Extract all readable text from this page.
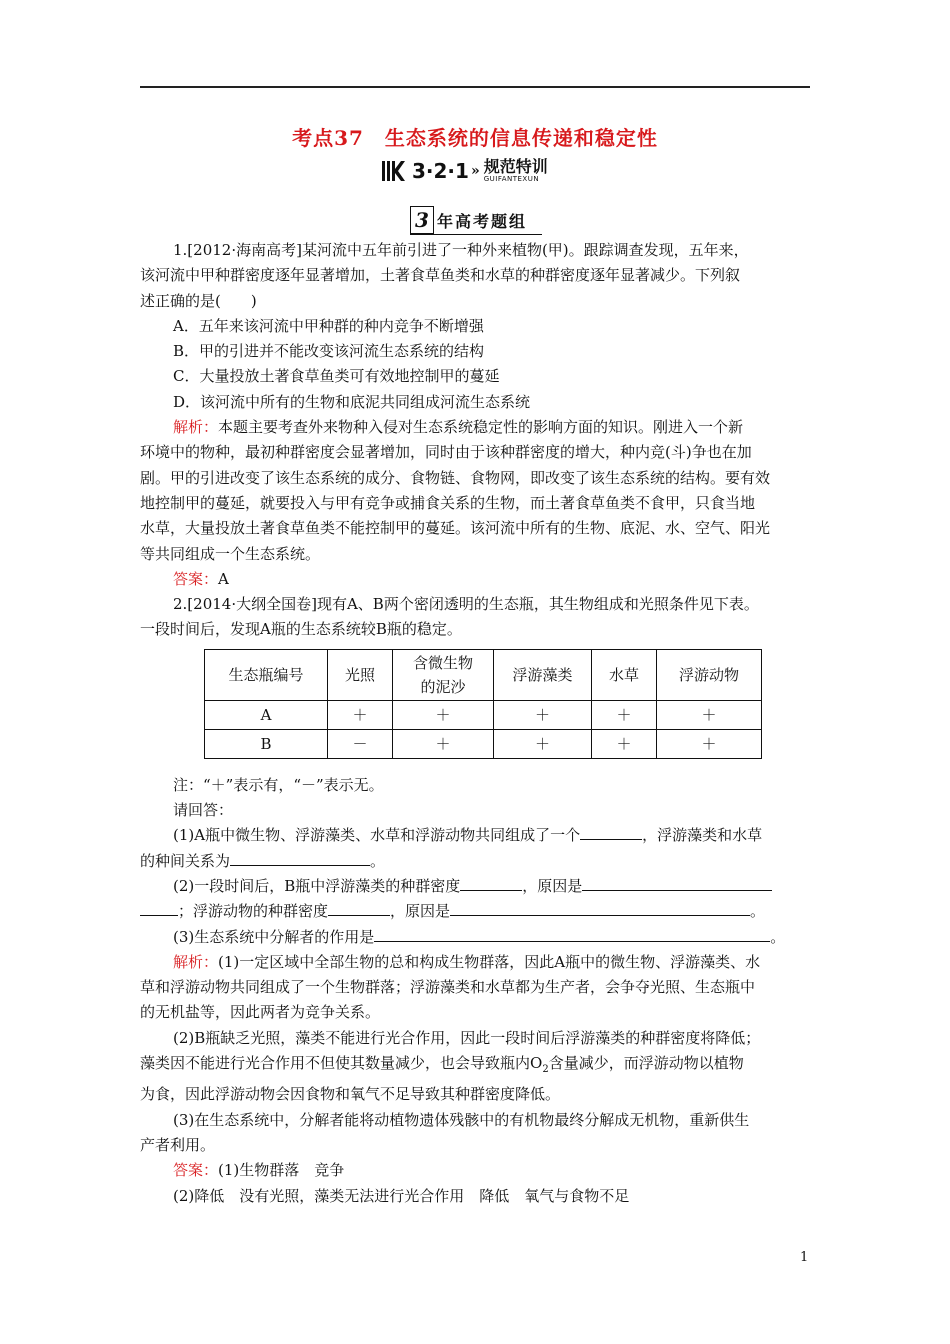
考点37　生态系统的信息传递和稳定性
3·2·1 » 规范特训
GUIFANTEXUN
3 年高考题组

1.[2012·海南高考]某河流中五年前引进了一种外来植物(甲)。跟踪调查发现，五年来，

该河流中甲种群密度逐年显著增加，土著食草鱼类和水草的种群密度逐年显著减少。下列叙

述正确的是(　　)

A．五年来该河流中甲种群的种内竞争不断增强

B．甲的引进并不能改变该河流生态系统的结构

C．大量投放土著食草鱼类可有效地控制甲的蔓延

D．该河流中所有的生物和底泥共同组成河流生态系统

解析：本题主要考查外来物种入侵对生态系统稳定性的影响方面的知识。刚进入一个新

环境中的物种，最初种群密度会显著增加，同时由于该种群密度的增大，种内竞(斗)争也在加

剧。甲的引进改变了该生态系统的成分、食物链、食物网，即改变了该生态系统的结构。要有效

地控制甲的蔓延，就要投入与甲有竞争或捕食关系的生物，而土著食草鱼类不食甲，只食当地

水草，大量投放土著食草鱼类不能控制甲的蔓延。该河流中所有的生物、底泥、水、空气、阳光

等共同组成一个生态系统。

答案：A

2.[2014·大纲全国卷]现有A、B两个密闭透明的生态瓶，其生物组成和光照条件见下表。

一段时间后，发现A瓶的生态系统较B瓶的稳定。

生态瓶编号	光照	含微生物
的泥沙	浮游藻类	水草	浮游动物
A	＋	＋	＋	＋	＋
B	－	＋	＋	＋	＋

注：“＋”表示有，“－”表示无。

请回答：

(1)A瓶中微生物、浮游藻类、水草和浮游动物共同组成了一个	，浮游藻类和水草

的种间关系为	。

(2)一段时间后，B瓶中浮游藻类的种群密度	，原因是

；浮游动物的种群密度	，原因是	。

(3)生态系统中分解者的作用是	。

解析：(1)一定区域中全部生物的总和构成生物群落，因此A瓶中的微生物、浮游藻类、水

草和浮游动物共同组成了一个生物群落；浮游藻类和水草都为生产者，会争夺光照、生态瓶中

的无机盐等，因此两者为竞争关系。

(2)B瓶缺乏光照，藻类不能进行光合作用，因此一段时间后浮游藻类的种群密度将降低；

藻类因不能进行光合作用不但使其数量减少，也会导致瓶内$O_2$含量减少，而浮游动物以植物

为食，因此浮游动物会因食物和氧气不足导致其种群密度降低。

(3)在生态系统中，分解者能将动植物遗体残骸中的有机物最终分解成无机物，重新供生

产者利用。

答案：(1)生物群落　竞争

(2)降低　没有光照，藻类无法进行光合作用　降低　氧气与食物不足

1
